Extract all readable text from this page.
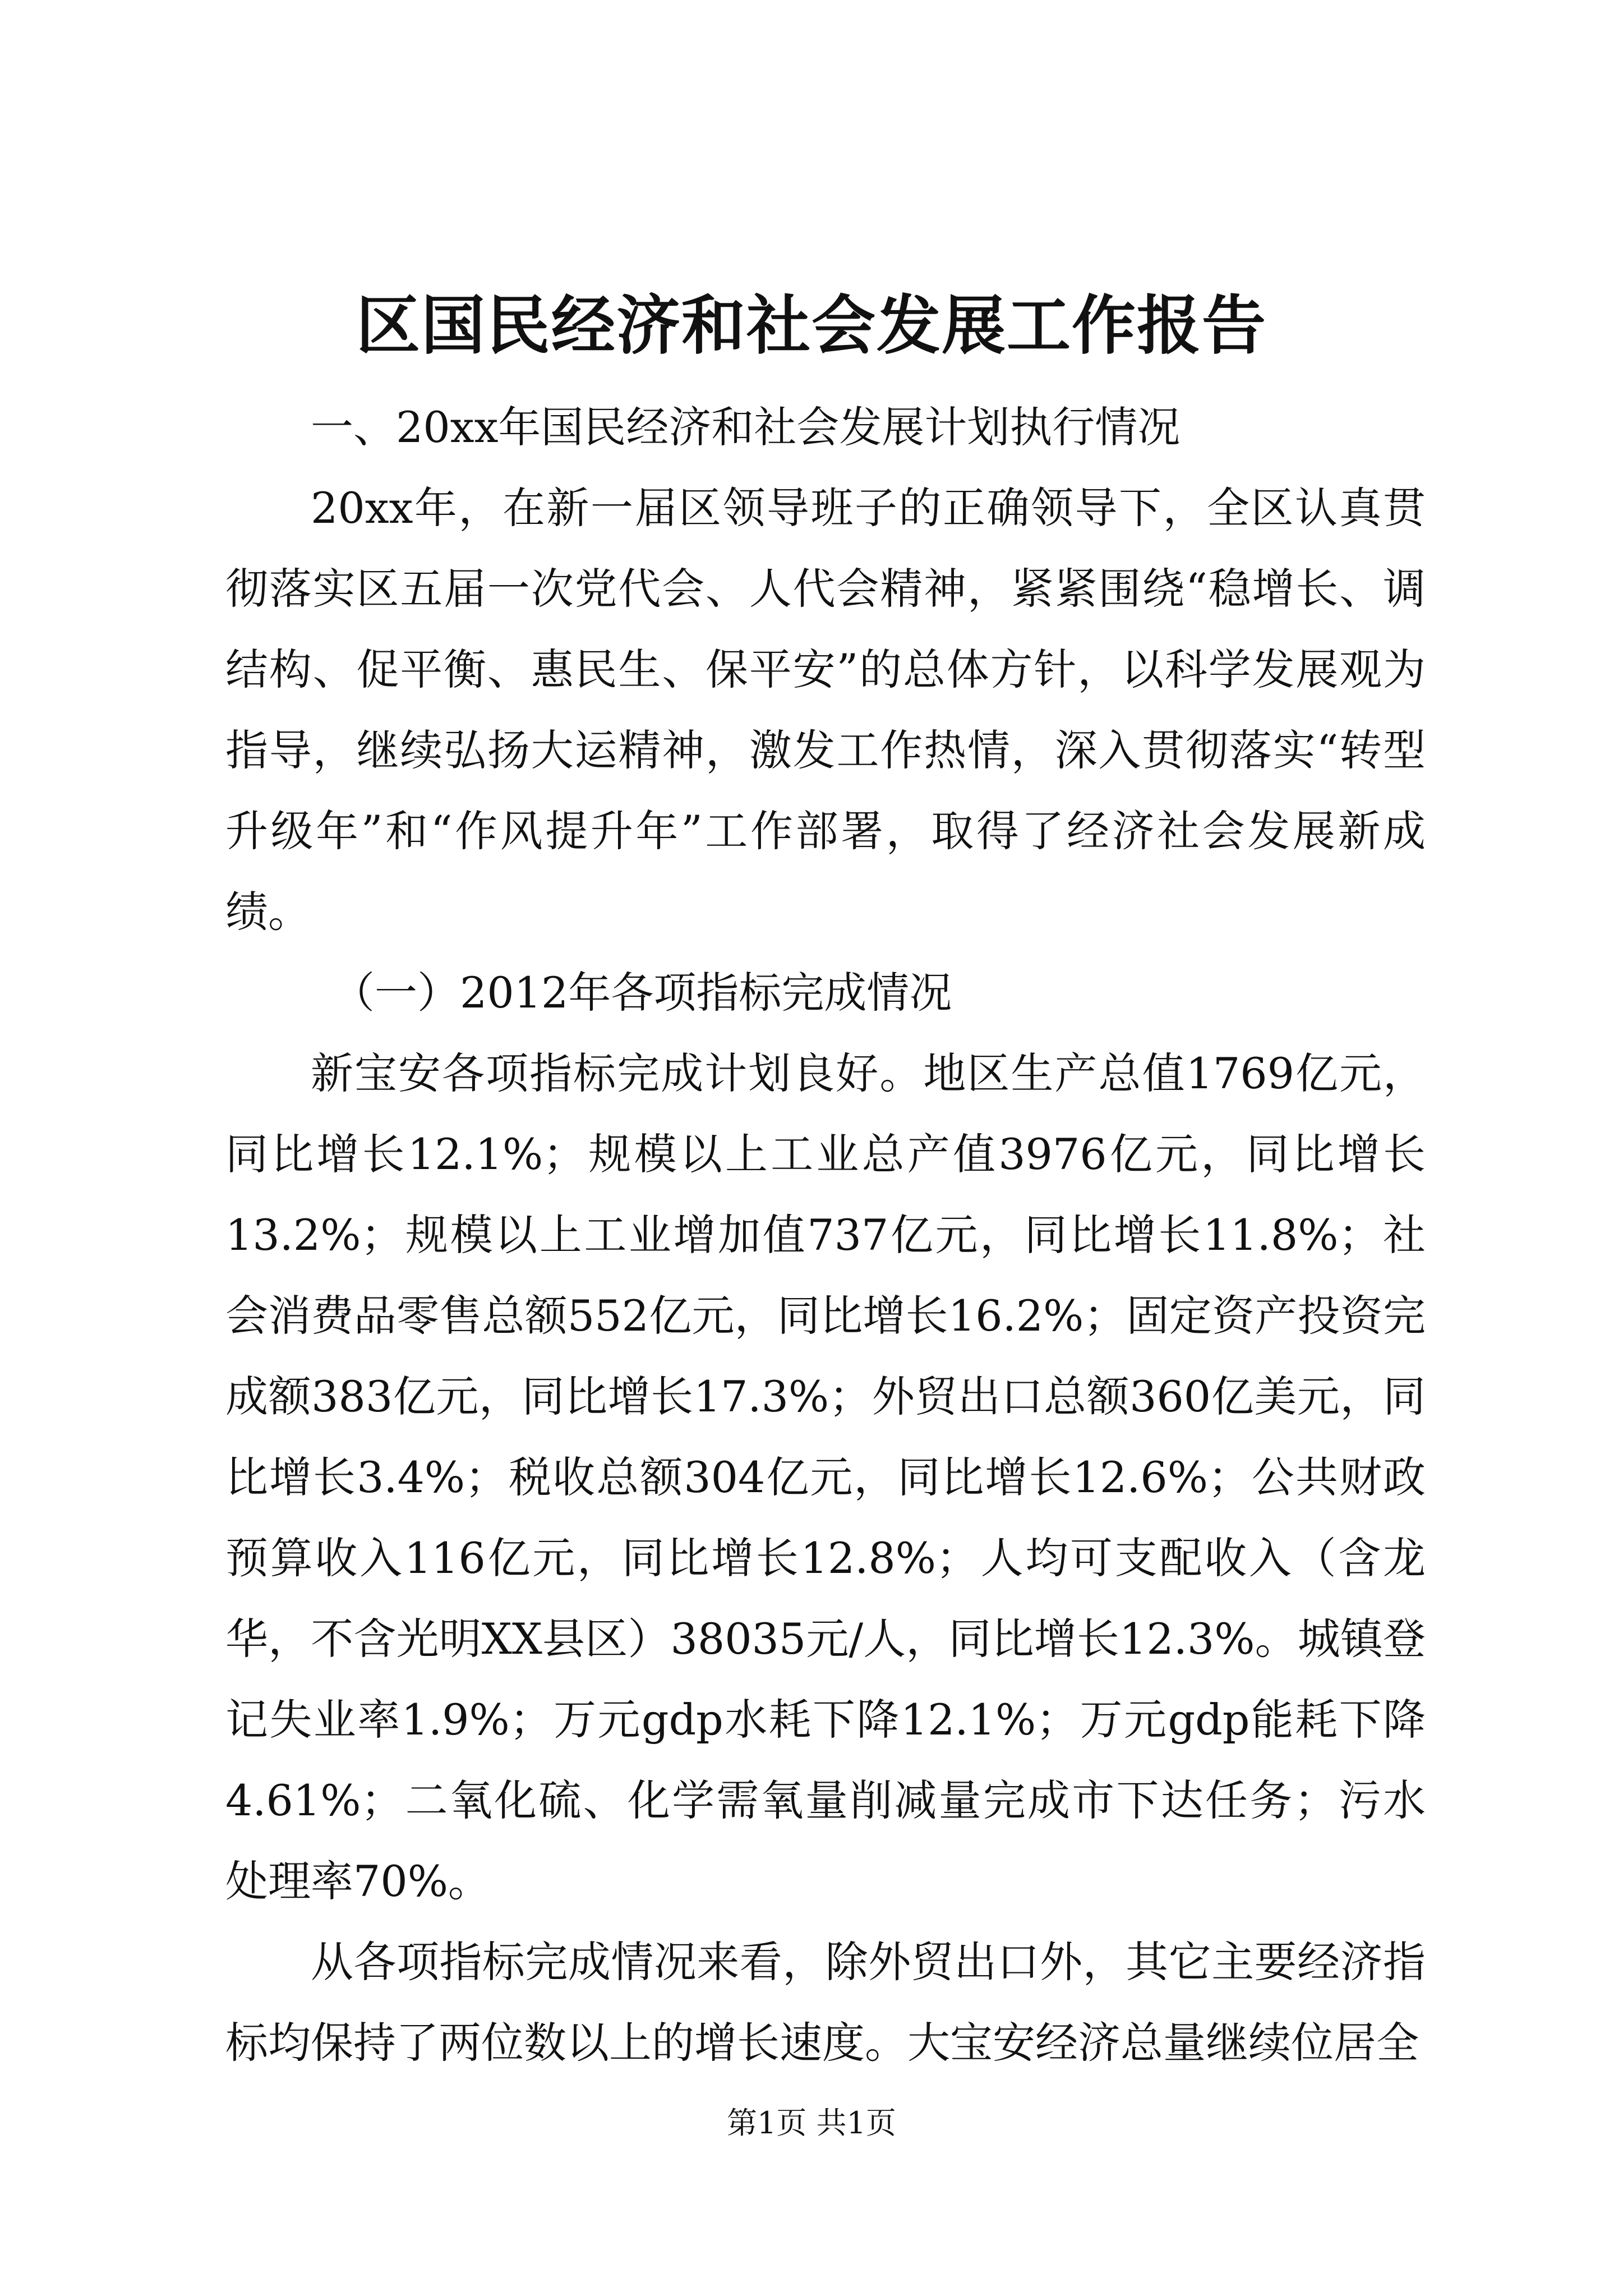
区国民经济和社会发展工作报告

一、20xx年国民经济和社会发展计划执行情况

20xx年，在新一届区领导班子的正确领导下，全区认真贯彻落实区五届一次党代会、人代会精神，紧紧围绕“稳增长、调结构、促平衡、惠民生、保平安”的总体方针，以科学发展观为指导，继续弘扬大运精神，激发工作热情，深入贯彻落实“转型升级年”和“作风提升年”工作部署，取得了经济社会发展新成绩。

（一）2012年各项指标完成情况

新宝安各项指标完成计划良好。地区生产总值1769亿元，同比增长12.1%；规模以上工业总产值3976亿元，同比增长13.2%；规模以上工业增加值737亿元，同比增长11.8%；社会消费品零售总额552亿元，同比增长16.2%；固定资产投资完成额383亿元，同比增长17.3%；外贸出口总额360亿美元，同比增长3.4%；税收总额304亿元，同比增长12.6%；公共财政预算收入116亿元，同比增长12.8%；人均可支配收入（含龙华，不含光明XX县区）38035元/人，同比增长12.3%。城镇登记失业率1.9%；万元gdp水耗下降12.1%；万元gdp能耗下降4.61%；二氧化硫、化学需氧量削减量完成市下达任务；污水处理率70%。

从各项指标完成情况来看，除外贸出口外，其它主要经济指标均保持了两位数以上的增长速度。大宝安经济总量继续位居全

第1页 共1页
